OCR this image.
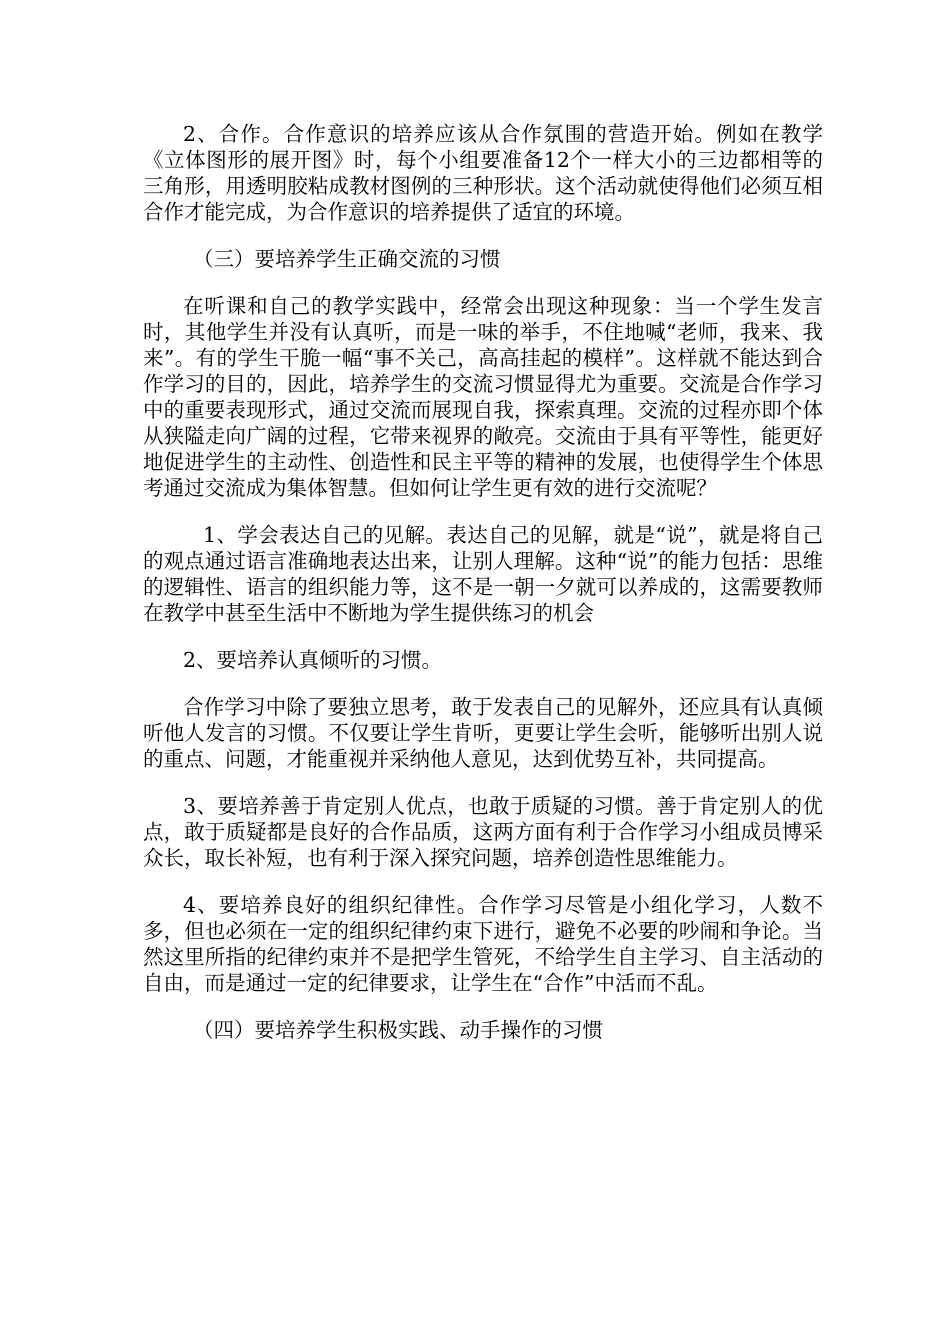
2、合作。合作意识的培养应该从合作氛围的营造开始。例如在教学《立体图形的展开图》时，每个小组要准备12个一样大小的三边都相等的三角形，用透明胶粘成教材图例的三种形状。这个活动就使得他们必须互相合作才能完成，为合作意识的培养提供了适宜的环境。

（三）要培养学生正确交流的习惯

在听课和自己的教学实践中，经常会出现这种现象：当一个学生发言时，其他学生并没有认真听，而是一味的举手，不住地喊“老师，我来、我来”。有的学生干脆一幅“事不关己，高高挂起的模样”。这样就不能达到合作学习的目的，因此，培养学生的交流习惯显得尤为重要。交流是合作学习中的重要表现形式，通过交流而展现自我，探索真理。交流的过程亦即个体从狭隘走向广阔的过程，它带来视界的敞亮。交流由于具有平等性，能更好地促进学生的主动性、创造性和民主平等的精神的发展，也使得学生个体思考通过交流成为集体智慧。但如何让学生更有效的进行交流呢？

1、学会表达自己的见解。表达自己的见解，就是“说”，就是将自己的观点通过语言准确地表达出来，让别人理解。这种“说”的能力包括：思维的逻辑性、语言的组织能力等，这不是一朝一夕就可以养成的，这需要教师在教学中甚至生活中不断地为学生提供练习的机会

2、要培养认真倾听的习惯。

合作学习中除了要独立思考，敢于发表自己的见解外，还应具有认真倾听他人发言的习惯。不仅要让学生肯听，更要让学生会听，能够听出别人说的重点、问题，才能重视并采纳他人意见，达到优势互补，共同提高。

3、要培养善于肯定别人优点，也敢于质疑的习惯。善于肯定别人的优点，敢于质疑都是良好的合作品质，这两方面有利于合作学习小组成员博采众长，取长补短，也有利于深入探究问题，培养创造性思维能力。

4、要培养良好的组织纪律性。合作学习尽管是小组化学习，人数不多，但也必须在一定的组织纪律约束下进行，避免不必要的吵闹和争论。当然这里所指的纪律约束并不是把学生管死，不给学生自主学习、自主活动的自由，而是通过一定的纪律要求，让学生在“合作”中活而不乱。

（四）要培养学生积极实践、动手操作的习惯
